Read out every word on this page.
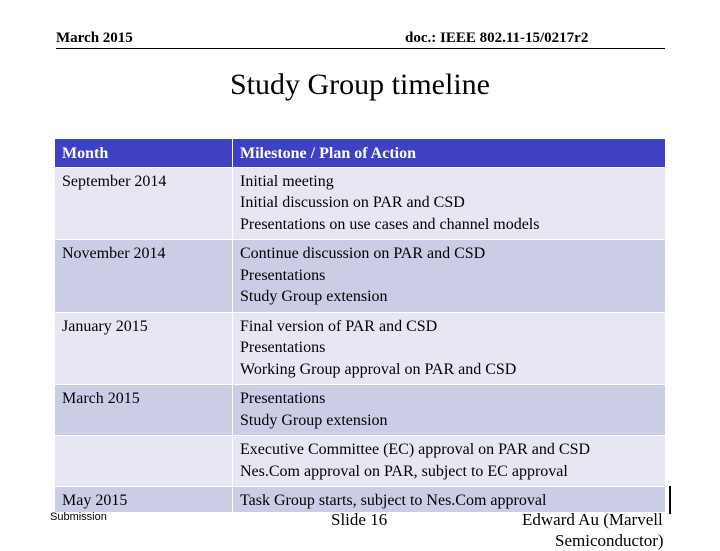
March 2015	doc.: IEEE 802.11-15/0217r2
Study Group timeline
Month	Milestone / Plan of Action
September 2014	Initial meeting
Initial discussion on PAR and CSD
Presentations on use cases and channel models

November 2014	Continue discussion on PAR and CSD
Presentations
Study Group extension

January 2015	Final version of PAR and CSD
Presentations
Working Group approval on PAR and CSD

March 2015	Presentations
Study Group extension

	Executive Committee (EC) approval on PAR and CSD
Nes.Com approval on PAR, subject to EC approval

May 2015	Task Group starts, subject to Nes.Com approval
Submission	Slide 16	Edward Au (Marvell
Semiconductor)
